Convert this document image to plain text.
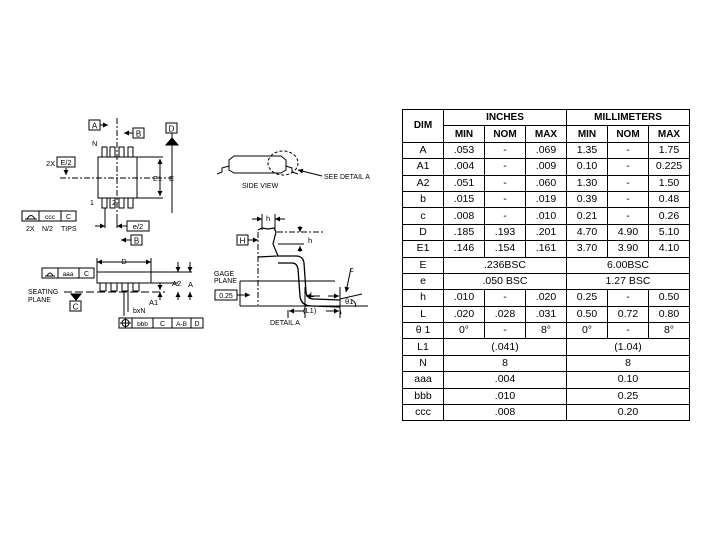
A
B
D
N
2X E/2
E1 E
1	2
e/2
B
ccc C
2X N/2 TIPS
SIDE VIEW
SEE DETAIL A
D
aaa C
SEATING
PLANE
C
A2 A
A1
bxN
bbb C A-B D
H
h
h
GAGE
PLANE
0.25	L
(L1)
c
θ1
DETAIL A
DIM	INCHES			MILLIMETERS		
	MIN	NOM	MAX	MIN	NOM	MAX
A	.053	-	.069	1.35	-	1.75
A1	.004	-	.009	0.10	-	0.225
A2	.051	-	.060	1.30	-	1.50
b	.015	-	.019	0.39	-	0.48
c	.008	-	.010	0.21	-	0.26
D	.185	.193	.201	4.70	4.90	5.10
E1	.146	.154	.161	3.70	3.90	4.10
E	.236BSC			6.00BSC		
e	.050 BSC			1.27 BSC		
h	.010	-	.020	0.25	-	0.50
L	.020	.028	.031	0.50	0.72	0.80
θ 1	0°	-	8°	0°	-	8°
L1	(.041)			(1.04)		
N	8			8		
aaa	.004			0.10		
bbb	.010			0.25		
ccc	.008			0.20		
